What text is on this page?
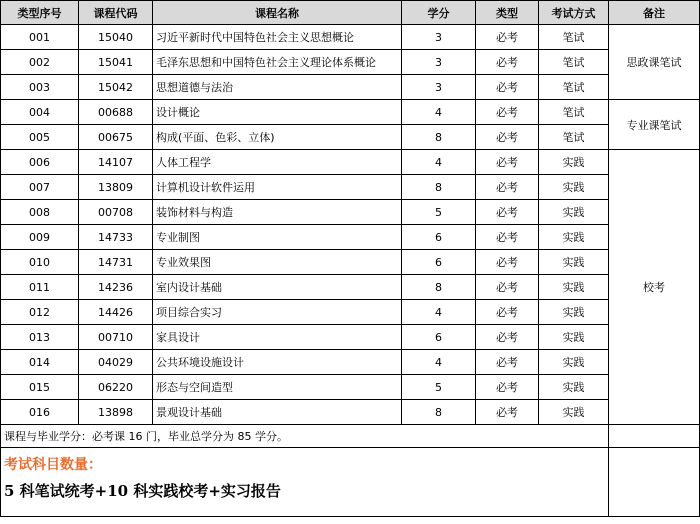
类型序号	课程代码	课程名称	学分	类型	考试方式	备注
001	15040	习近平新时代中国特色社会主义思想概论	3	必考	笔试	思政课笔试
002	15041	毛泽东思想和中国特色社会主义理论体系概论	3	必考	笔试	
003	15042	思想道德与法治	3	必考	笔试	
004	00688	设计概论	4	必考	笔试	专业课笔试
005	00675	构成(平面、色彩、立体)	8	必考	笔试	
006	14107	人体工程学	4	必考	实践	校考
007	13809	计算机设计软件运用	8	必考	实践	
008	00708	装饰材料与构造	5	必考	实践	
009	14733	专业制图	6	必考	实践	
010	14731	专业效果图	6	必考	实践	
011	14236	室内设计基础	8	必考	实践	
012	14426	项目综合实习	4	必考	实践	
013	00710	家具设计	6	必考	实践	
014	04029	公共环境设施设计	4	必考	实践	
015	06220	形态与空间造型	5	必考	实践	
016	13898	景观设计基础	8	必考	实践	
课程与毕业学分：必考课 16 门，毕业总学分为 85 学分。						

考试科目数量：
5 科笔试统考+10 科实践校考+实习报告						
